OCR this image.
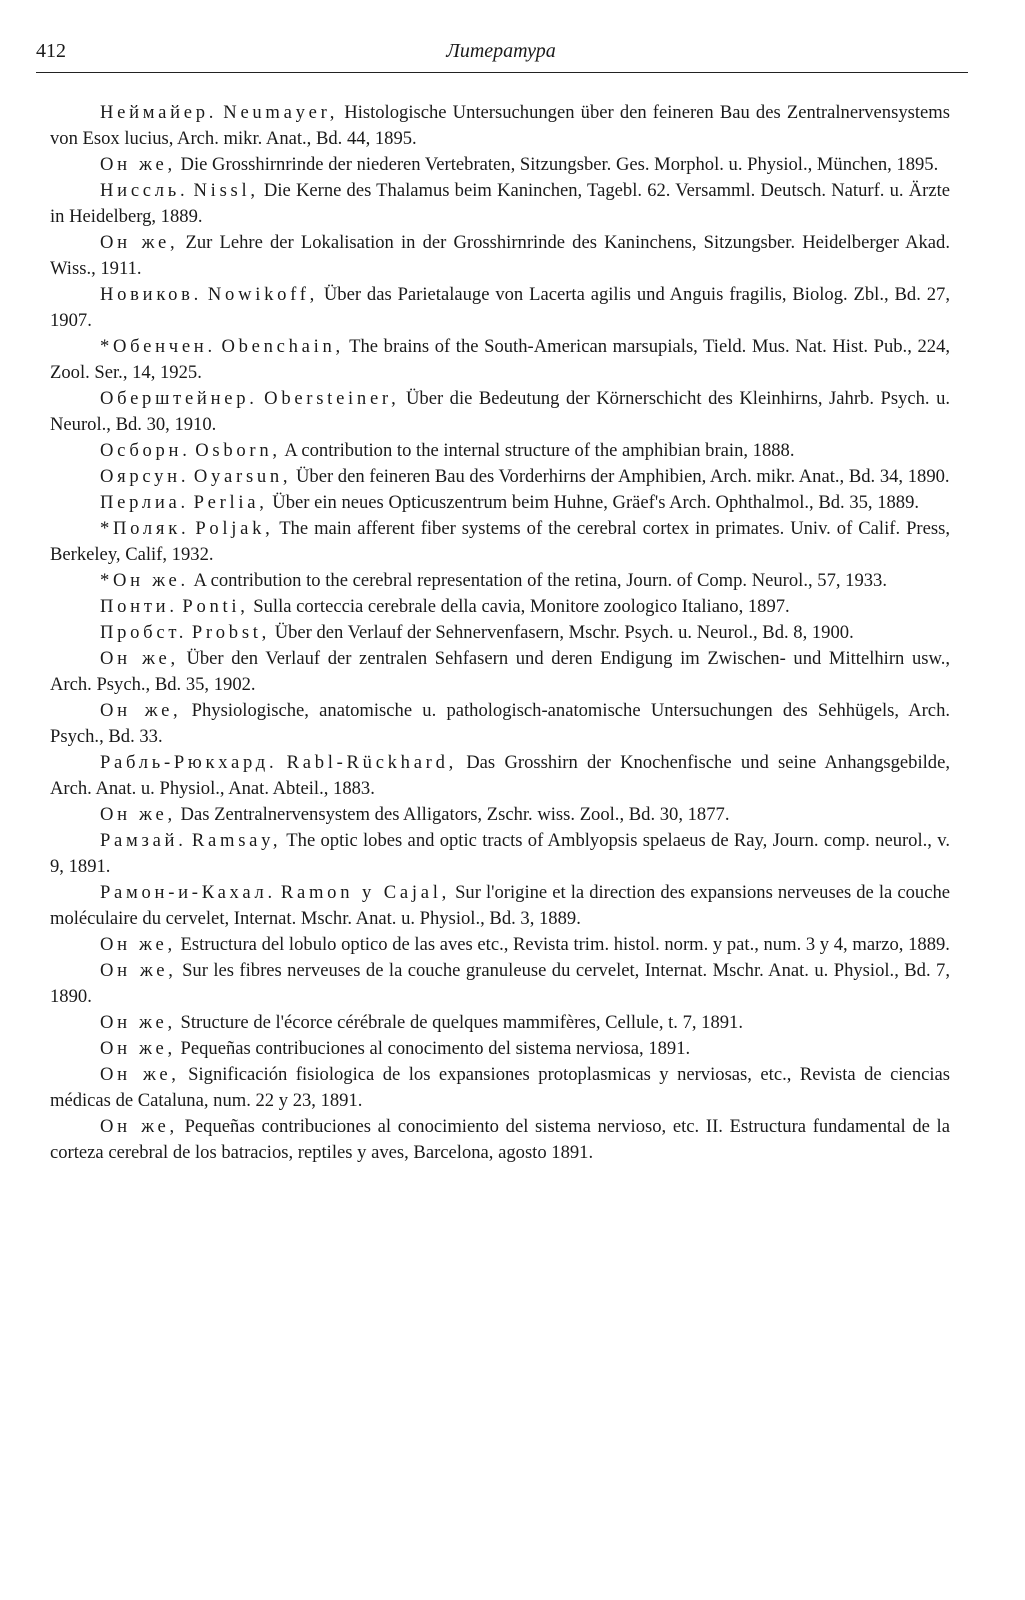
412	Литература

Неймайер. Neumayer, Histologische Untersuchungen über den feineren Bau des Zentralnervensystems von Esox lucius, Arch. mikr. Anat., Bd. 44, 1895.

Он же, Die Grosshirnrinde der niederen Vertebraten, Sitzungsber. Ges. Morphol. u. Physiol., München, 1895.

Ниссль. Nissl, Die Kerne des Thalamus beim Kaninchen, Tagebl. 62. Versamml. Deutsch. Naturf. u. Ärzte in Heidelberg, 1889.

Он же, Zur Lehre der Lokalisation in der Grosshirnrinde des Kaninchens, Sitzungsber. Heidelberger Akad. Wiss., 1911.

Новиков. Nowikoff, Über das Parietalauge von Lacerta agilis und Anguis fragilis, Biolog. Zbl., Bd. 27, 1907.

*Обенчен. Obenchain, The brains of the South-American marsupials, Tield. Mus. Nat. Hist. Pub., 224, Zool. Ser., 14, 1925.

Оберштейнер. Obersteiner, Über die Bedeutung der Körnerschicht des Kleinhirns, Jahrb. Psych. u. Neurol., Bd. 30, 1910.

Осборн. Osborn, A contribution to the internal structure of the amphibian brain, 1888.

Оярсун. Oyarsun, Über den feineren Bau des Vorderhirns der Amphibien, Arch. mikr. Anat., Bd. 34, 1890.

Перлиа. Perlia, Über ein neues Opticuszentrum beim Huhne, Gräef's Arch. Ophthalmol., Bd. 35, 1889.

*Поляк. Poljak, The main afferent fiber systems of the cerebral cortex in primates. Univ. of Calif. Press, Berkeley, Calif, 1932.

*Он же. A contribution to the cerebral representation of the retina, Journ. of Comp. Neurol., 57, 1933.

Понти. Ponti, Sulla corteccia cerebrale della cavia, Monitore zoologico Italiano, 1897.

Пробст. Probst, Über den Verlauf der Sehnervenfasern, Mschr. Psych. u. Neurol., Bd. 8, 1900.

Он же, Über den Verlauf der zentralen Sehfasern und deren Endigung im Zwischen- und Mittelhirn usw., Arch. Psych., Bd. 35, 1902.

Он же, Physiologische, anatomische u. pathologisch-anatomische Untersuchungen des Sehhügels, Arch. Psych., Bd. 33.

Рабль-Рюкхард. Rabl-Rückhard, Das Grosshirn der Knochenfische und seine Anhangsgebilde, Arch. Anat. u. Physiol., Anat. Abteil., 1883.

Он же, Das Zentralnervensystem des Alligators, Zschr. wiss. Zool., Bd. 30, 1877.

Рамзай. Ramsay, The optic lobes and optic tracts of Amblyopsis spelaeus de Ray, Journ. comp. neurol., v. 9, 1891.

Рамон-и-Кахал. Ramon y Cajal, Sur l'origine et la direction des expansions nerveuses de la couche moléculaire du cervelet, Internat. Mschr. Anat. u. Physiol., Bd. 3, 1889.

Он же, Estructura del lobulo optico de las aves etc., Revista trim. histol. norm. y pat., num. 3 y 4, marzo, 1889.

Он же, Sur les fibres nerveuses de la couche granuleuse du cervelet, Internat. Mschr. Anat. u. Physiol., Bd. 7, 1890.

Он же, Structure de l'écorce cérébrale de quelques mammifères, Cellule, t. 7, 1891.

Он же, Pequeñas contribuciones al conocimento del sistema nerviosa, 1891.

Он же, Significación fisiologica de los expansiones protoplasmicas y nerviosas, etc., Revista de ciencias médicas de Cataluna, num. 22 y 23, 1891.

Он же, Pequeñas contribuciones al conocimiento del sistema nervioso, etc. II. Estructura fundamental de la corteza cerebral de los batracios, reptiles y aves, Barcelona, agosto 1891.
